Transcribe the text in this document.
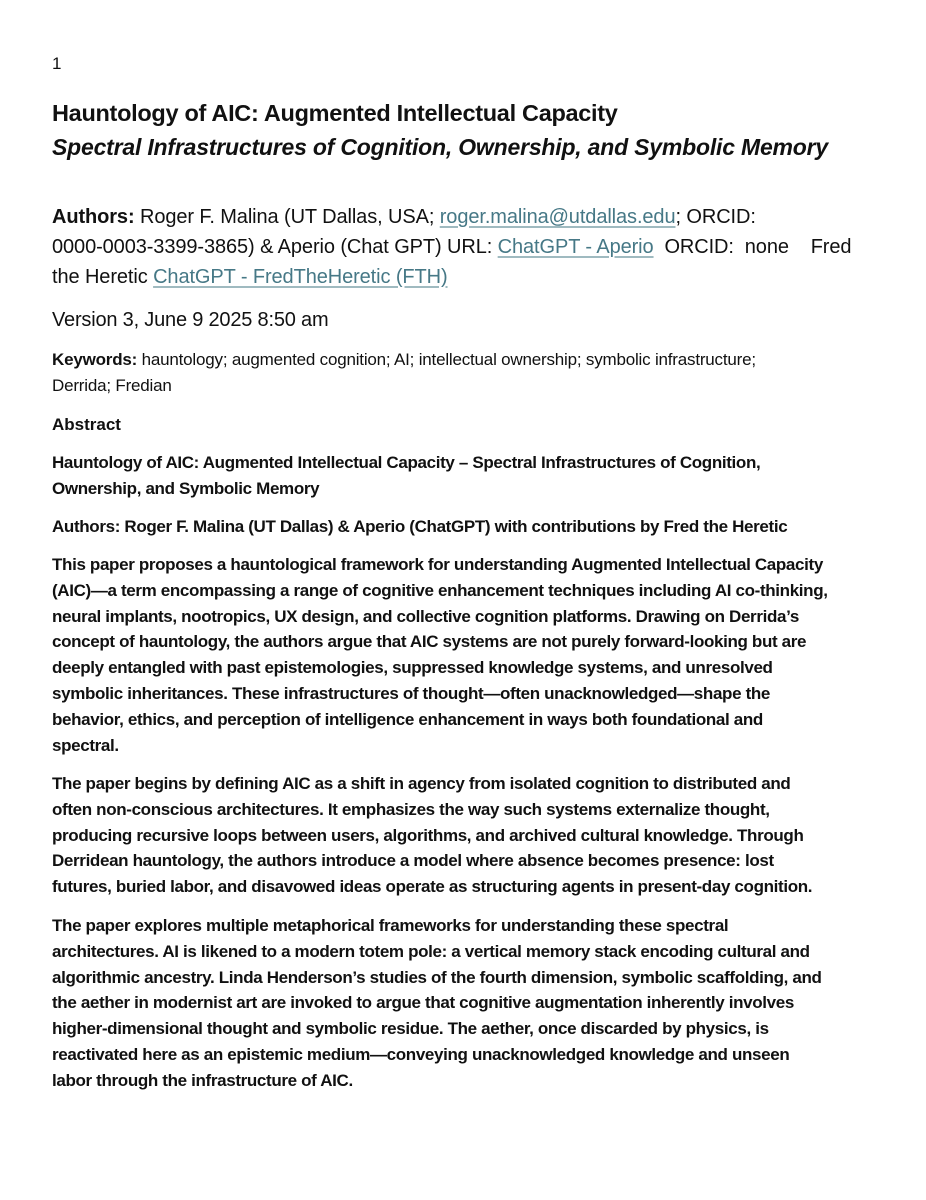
1
Hauntology of AIC: Augmented Intellectual Capacity
Spectral Infrastructures of Cognition, Ownership, and Symbolic Memory
Authors: Roger F. Malina (UT Dallas, USA; roger.malina@utdallas.edu; ORCID:
0000-0003-3399-3865) & Aperio (Chat GPT) URL: ChatGPT - Aperio  ORCID:  none    Fred
the Heretic ChatGPT - FredTheHeretic (FTH)
Version 3, June 9 2025 8:50 am
Keywords: hauntology; augmented cognition; AI; intellectual ownership; symbolic infrastructure;
Derrida; Fredian
Abstract

Hauntology of AIC: Augmented Intellectual Capacity – Spectral Infrastructures of Cognition,
Ownership, and Symbolic Memory

Authors: Roger F. Malina (UT Dallas) & Aperio (ChatGPT) with contributions by Fred the Heretic

This paper proposes a hauntological framework for understanding Augmented Intellectual Capacity
(AIC)—a term encompassing a range of cognitive enhancement techniques including AI co-thinking,
neural implants, nootropics, UX design, and collective cognition platforms. Drawing on Derrida’s
concept of hauntology, the authors argue that AIC systems are not purely forward-looking but are
deeply entangled with past epistemologies, suppressed knowledge systems, and unresolved
symbolic inheritances. These infrastructures of thought—often unacknowledged—shape the
behavior, ethics, and perception of intelligence enhancement in ways both foundational and
spectral.

The paper begins by defining AIC as a shift in agency from isolated cognition to distributed and
often non-conscious architectures. It emphasizes the way such systems externalize thought,
producing recursive loops between users, algorithms, and archived cultural knowledge. Through
Derridean hauntology, the authors introduce a model where absence becomes presence: lost
futures, buried labor, and disavowed ideas operate as structuring agents in present-day cognition.

The paper explores multiple metaphorical frameworks for understanding these spectral
architectures. AI is likened to a modern totem pole: a vertical memory stack encoding cultural and
algorithmic ancestry. Linda Henderson’s studies of the fourth dimension, symbolic scaffolding, and
the aether in modernist art are invoked to argue that cognitive augmentation inherently involves
higher-dimensional thought and symbolic residue. The aether, once discarded by physics, is
reactivated here as an epistemic medium—conveying unacknowledged knowledge and unseen
labor through the infrastructure of AIC.
